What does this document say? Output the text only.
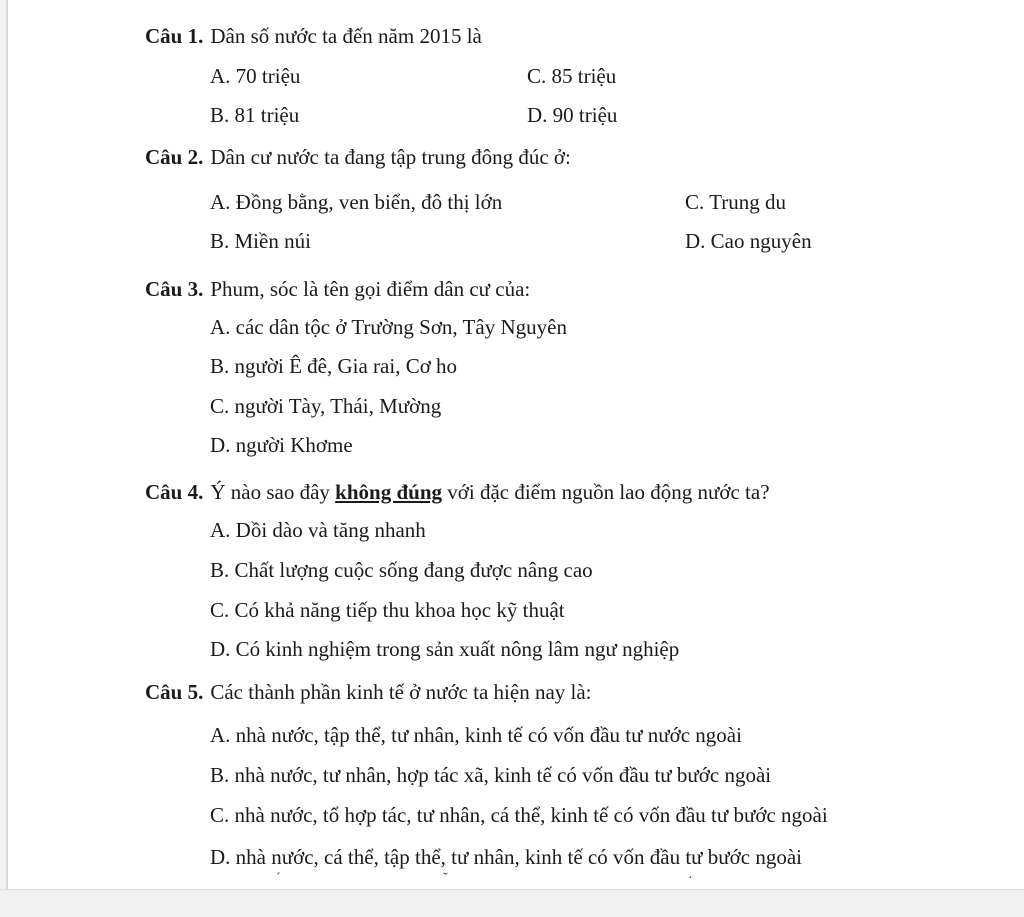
Câu 1. Dân số nước ta đến năm 2015 là
A. 70 triệu	C. 85 triệu
B. 81 triệu	D. 90 triệu
Câu 2. Dân cư nước ta đang tập trung đông đúc ở:
A. Đồng bằng, ven biển, đô thị lớn	C. Trung du
B. Miền núi	D. Cao nguyên
Câu 3. Phum, sóc là tên gọi điểm dân cư của:
A. các dân tộc ở Trường Sơn, Tây Nguyên
B. người Ê đê, Gia rai, Cơ ho
C. người Tày, Thái, Mường
D. người Khơme
Câu 4. Ý nào sao đây không đúng với đặc điểm nguồn lao động nước ta?
A. Dồi dào và tăng nhanh
B. Chất lượng cuộc sống đang được nâng cao
C. Có khả năng tiếp thu khoa học kỹ thuật
D. Có kinh nghiệm trong sản xuất nông lâm ngư nghiệp
Câu 5. Các thành phần kinh tế ở nước ta hiện nay là:
A. nhà nước, tập thể, tư nhân, kinh tế có vốn đầu tư nước ngoài
B. nhà nước, tư nhân, hợp tác xã, kinh tế có vốn đầu tư bước ngoài
C. nhà nước, tổ hợp tác, tư nhân, cá thể, kinh tế có vốn đầu tư bước ngoài
D. nhà nước, cá thể, tập thể, tư nhân, kinh tế có vốn đầu tư bước ngoài
´	˜	·
